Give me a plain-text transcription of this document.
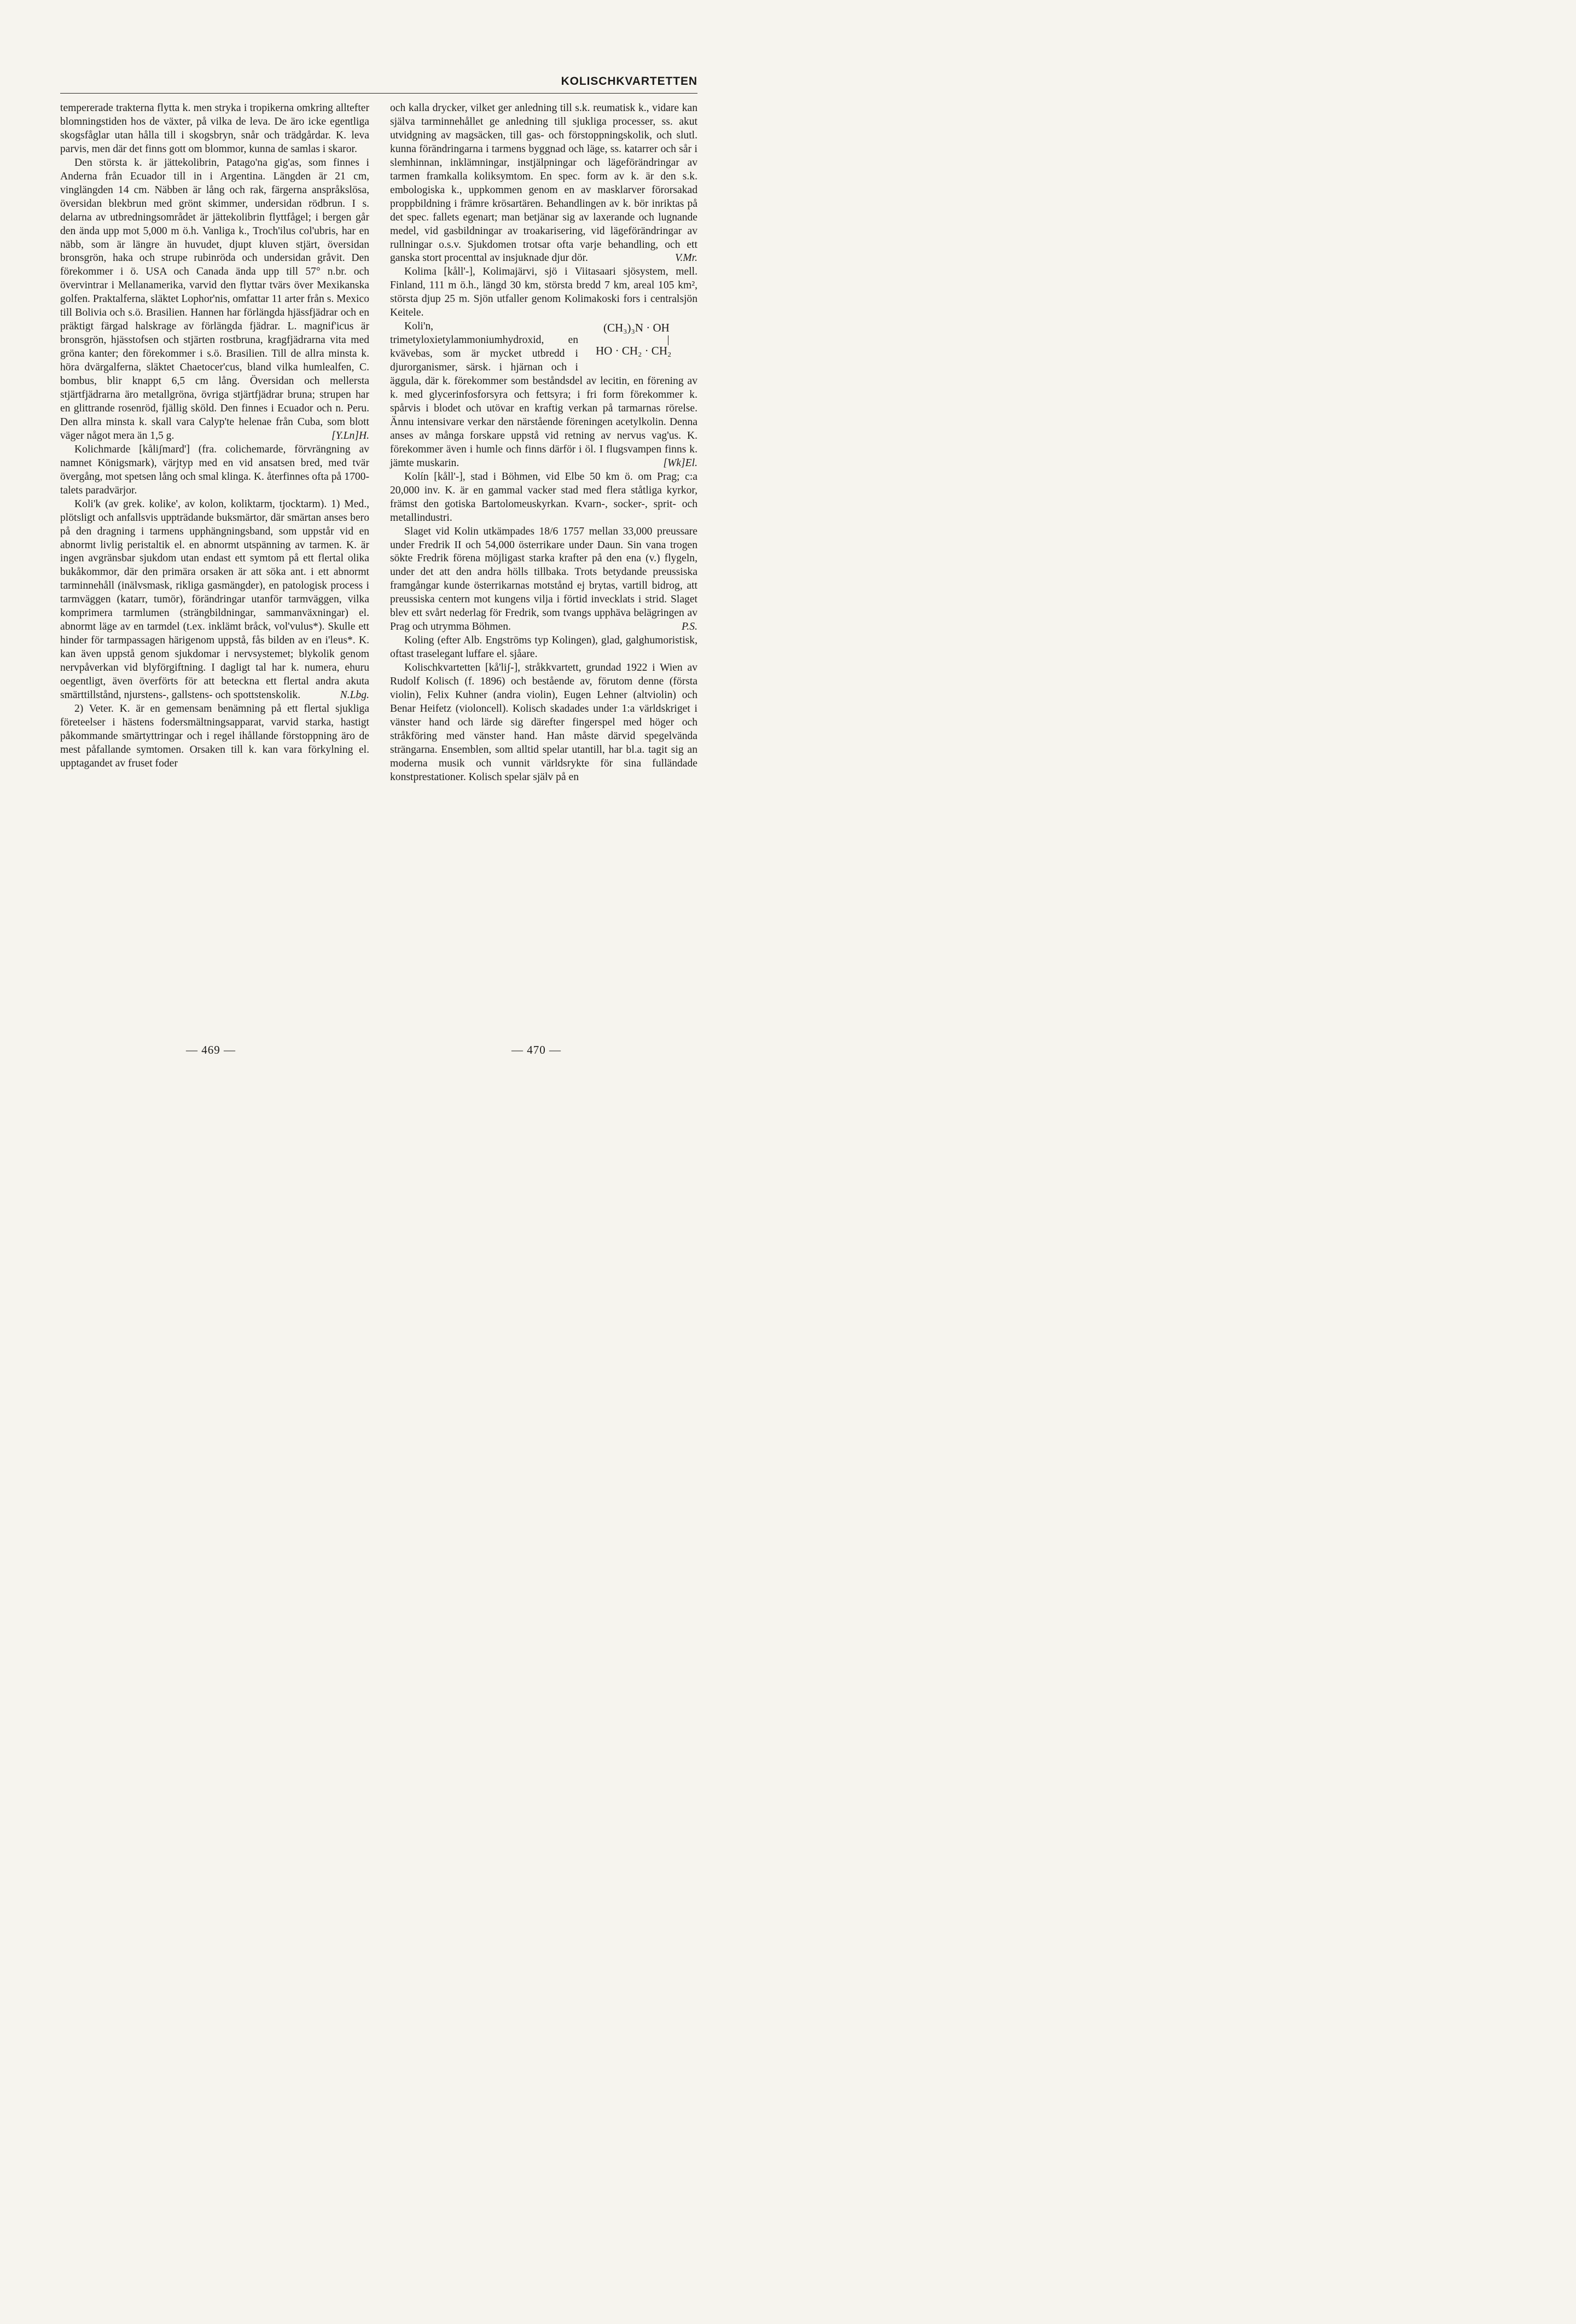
KOLISCHKVARTETTEN

tempererade trakterna flytta k. men stryka i tropikerna omkring alltefter blomningstiden hos de växter, på vilka de leva. De äro icke egentliga skogsfåglar utan hålla till i skogsbryn, snår och trädgårdar. K. leva parvis, men där det finns gott om blommor, kunna de samlas i skaror.

Den största k. är jättekolibrin, Patago'na gig'as, som finnes i Anderna från Ecuador till in i Argentina. Längden är 21 cm, vinglängden 14 cm. Näbben är lång och rak, färgerna anspråkslösa, översidan blekbrun med grönt skimmer, undersidan rödbrun. I s. delarna av utbredningsområdet är jättekolibrin flyttfågel; i bergen går den ända upp mot 5,000 m ö.h. Vanliga k., Troch'ilus col'ubris, har en näbb, som är längre än huvudet, djupt kluven stjärt, översidan bronsgrön, haka och strupe rubinröda och undersidan gråvit. Den förekommer i ö. USA och Canada ända upp till 57° n.br. och övervintrar i Mellanamerika, varvid den flyttar tvärs över Mexikanska golfen. Praktalferna, släktet Lophor'nis, omfattar 11 arter från s. Mexico till Bolivia och s.ö. Brasilien. Hannen har förlängda hjässfjädrar och en präktigt färgad halskrage av förlängda fjädrar. L. magnif'icus är bronsgrön, hjässtofsen och stjärten rostbruna, kragfjädrarna vita med gröna kanter; den förekommer i s.ö. Brasilien. Till de allra minsta k. höra dvärgalferna, släktet Chaetocer'cus, bland vilka humlealfen, C. bombus, blir knappt 6,5 cm lång. Översidan och mellersta stjärtfjädrarna äro metallgröna, övriga stjärtfjädrar bruna; strupen har en glittrande rosenröd, fjällig sköld. Den finnes i Ecuador och n. Peru. Den allra minsta k. skall vara Calyp'te helenae från Cuba, som blott väger något mera än 1,5 g.	[Y.Ln]H.

Kolichmarde [kåliʃmard'] (fra. colichemarde, förvrängning av namnet Königsmark), värjtyp med en vid ansatsen bred, med tvär övergång, mot spetsen lång och smal klinga. K. återfinnes ofta på 1700-talets paradvärjor.

Koli'k (av grek. kolike', av kolon, koliktarm, tjocktarm). 1) Med., plötsligt och anfallsvis uppträdande buksmärtor, där smärtan anses bero på den dragning i tarmens upphängningsband, som uppstår vid en abnormt livlig peristaltik el. en abnormt utspänning av tarmen. K. är ingen avgränsbar sjukdom utan endast ett symtom på ett flertal olika bukåkommor, där den primära orsaken är att söka ant. i ett abnormt tarminnehåll (inälvsmask, rikliga gasmängder), en patologisk process i tarmväggen (katarr, tumör), förändringar utanför tarmväggen, vilka komprimera tarmlumen (strängbildningar, sammanväxningar) el. abnormt läge av en tarmdel (t.ex. inklämt bråck, vol'vulus*). Skulle ett hinder för tarmpassagen härigenom uppstå, fås bilden av en i'leus*. K. kan även uppstå genom sjukdomar i nervsystemet; blykolik genom nervpåverkan vid blyförgiftning. I dagligt tal har k. numera, ehuru oegentligt, även överförts för att beteckna ett flertal andra akuta smärttillstånd, njurstens-, gallstens- och spottstenskolik.	N.Lbg.

2) Veter. K. är en gemensam benämning på ett flertal sjukliga företeelser i hästens fodersmältningsapparat, varvid starka, hastigt påkommande smärtyttringar och i regel ihållande förstoppning äro de mest påfallande symtomen. Orsaken till k. kan vara förkylning el. upptagandet av fruset foder

och kalla drycker, vilket ger anledning till s.k. reumatisk k., vidare kan själva tarminnehållet ge anledning till sjukliga processer, ss. akut utvidgning av magsäcken, till gas- och förstoppningskolik, och slutl. kunna förändringarna i tarmens byggnad och läge, ss. katarrer och sår i slemhinnan, inklämningar, instjälpningar och lägeförändringar av tarmen framkalla koliksymtom. En spec. form av k. är den s.k. embologiska k., uppkommen genom en av masklarver förorsakad proppbildning i främre krösartären. Behandlingen av k. bör inriktas på det spec. fallets egenart; man betjänar sig av laxerande och lugnande medel, vid gasbildningar av troakarisering, vid lägeförändringar av rullningar o.s.v. Sjukdomen trotsar ofta varje behandling, och ett ganska stort procenttal av insjuknade djur dör.	V.Mr.

Kolima [kåll'-], Kolimajärvi, sjö i Viitasaari sjösystem, mell. Finland, 111 m ö.h., längd 30 km, största bredd 7 km, areal 105 km², största djup 25 m. Sjön utfaller genom Kolimakoski fors i centralsjön Keitele.

(CH₃)₃N · OH
HO · CH₂ · CH₂
Koli'n, trimetyloxietylammoniumhydroxid, en kvävebas, som är mycket utbredd i djurorganismer, särsk. i hjärnan och i äggula, där k. förekommer som beståndsdel av lecitin, en förening av k. med glycerinfosforsyra och fettsyra; i fri form förekommer k. spårvis i blodet och utövar en kraftig verkan på tarmarnas rörelse. Ännu intensivare verkar den närstående föreningen acetylkolin. Denna anses av många forskare uppstå vid retning av nervus vag'us. K. förekommer även i humle och finns därför i öl. I flugsvampen finns k. jämte muskarin.	[Wk]El.

Kolín [kåll'-], stad i Böhmen, vid Elbe 50 km ö. om Prag; c:a 20,000 inv. K. är en gammal vacker stad med flera ståtliga kyrkor, främst den gotiska Bartolomeuskyrkan. Kvarn-, socker-, sprit- och metallindustri.

Slaget vid Kolin utkämpades 18/6 1757 mellan 33,000 preussare under Fredrik II och 54,000 österrikare under Daun. Sin vana trogen sökte Fredrik förena möjligast starka krafter på den ena (v.) flygeln, under det att den andra hölls tillbaka. Trots betydande preussiska framgångar kunde österrikarnas motstånd ej brytas, vartill bidrog, att preussiska centern mot kungens vilja i förtid invecklats i strid. Slaget blev ett svårt nederlag för Fredrik, som tvangs upphäva belägringen av Prag och utrymma Böhmen.	P.S.

Koling (efter Alb. Engströms typ Kolingen), glad, galghumoristisk, oftast traselegant luffare el. sjåare.

Kolischkvartetten [kå'liʃ-], stråkkvartett, grundad 1922 i Wien av Rudolf Kolisch (f. 1896) och bestående av, förutom denne (första violin), Felix Kuhner (andra violin), Eugen Lehner (altviolin) och Benar Heifetz (violoncell). Kolisch skadades under 1:a världskriget i vänster hand och lärde sig därefter fingerspel med höger och stråkföring med vänster hand. Han måste därvid spegelvända strängarna. Ensemblen, som alltid spelar utantill, har bl.a. tagit sig an moderna musik och vunnit världsrykte för sina fulländade konstprestationer. Kolisch spelar själv på en

— 469 —	— 470 —
